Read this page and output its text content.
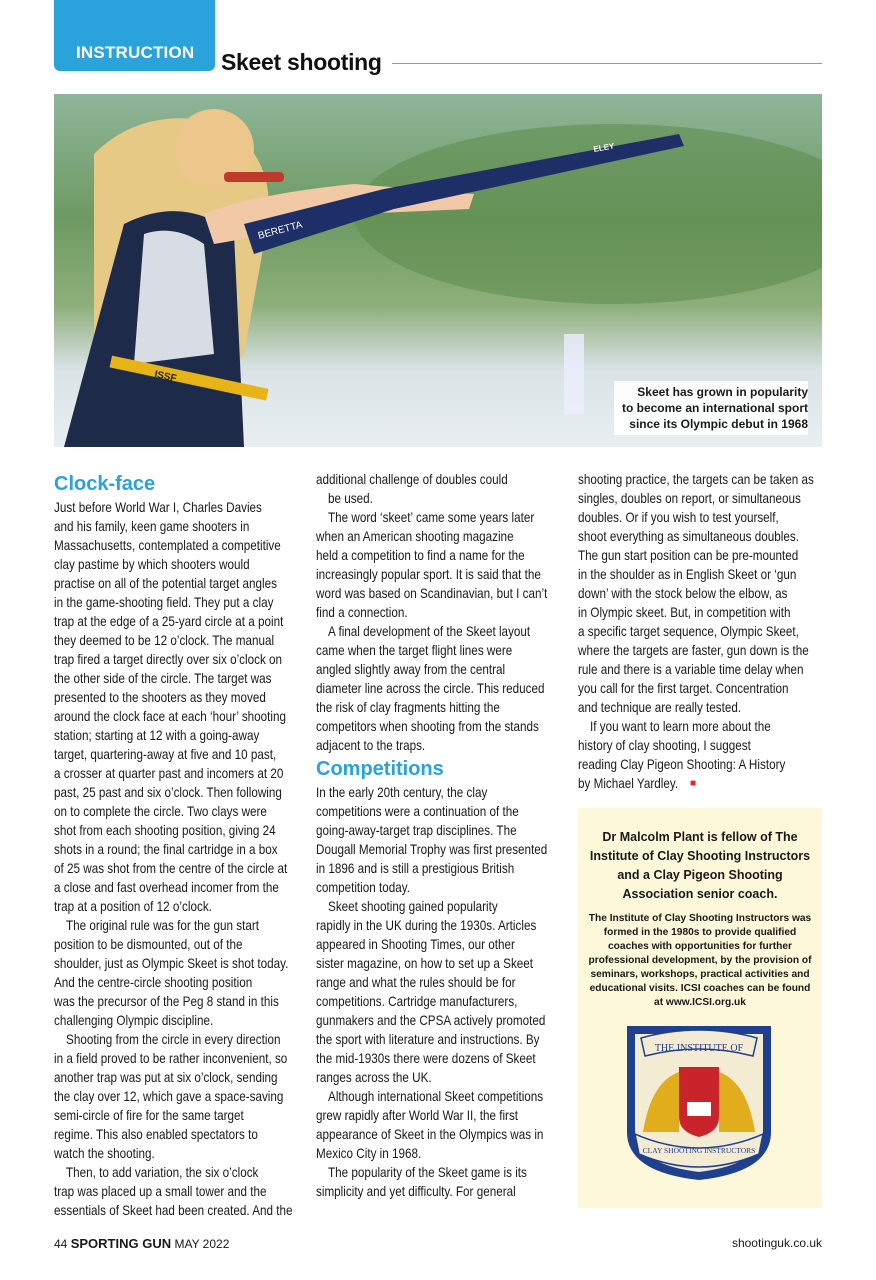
INSTRUCTION Skeet shooting
ISSF
BERETTA
ELEY
Skeet has grown in popularity
to become an international sport
since its Olympic debut in 1968
Clock-face
Just before World War I, Charles Davies
and his family, keen game shooters in
Massachusetts, contemplated a competitive
clay pastime by which shooters would
practise on all of the potential target angles
in the game-shooting field. They put a clay
trap at the edge of a 25-yard circle at a point
they deemed to be 12 o’clock. The manual
trap fired a target directly over six o’clock on
the other side of the circle. The target was
presented to the shooters as they moved
around the clock face at each ‘hour’ shooting
station; starting at 12 with a going-away
target, quartering-away at five and 10 past,
a crosser at quarter past and incomers at 20
past, 25 past and six o’clock. Then following
on to complete the circle. Two clays were
shot from each shooting position, giving 24
shots in a round; the final cartridge in a box
of 25 was shot from the centre of the circle at
a close and fast overhead incomer from the
trap at a position of 12 o’clock.
The original rule was for the gun start
position to be dismounted, out of the
shoulder, just as Olympic Skeet is shot today.
And the centre-circle shooting position
was the precursor of the Peg 8 stand in this
challenging Olympic discipline.
Shooting from the circle in every direction
in a field proved to be rather inconvenient, so
another trap was put at six o’clock, sending
the clay over 12, which gave a space-saving
semi-circle of fire for the same target
regime. This also enabled spectators to
watch the shooting.
Then, to add variation, the six o’clock
trap was placed up a small tower and the
essentials of Skeet had been created. And the
additional challenge of doubles could
be used.
The word ‘skeet’ came some years later
when an American shooting magazine
held a competition to find a name for the
increasingly popular sport. It is said that the
word was based on Scandinavian, but I can’t
find a connection.
A final development of the Skeet layout
came when the target flight lines were
angled slightly away from the central
diameter line across the circle. This reduced
the risk of clay fragments hitting the
competitors when shooting from the stands
adjacent to the traps.
Competitions
In the early 20th century, the clay
competitions were a continuation of the
going-away-target trap disciplines. The
Dougall Memorial Trophy was first presented
in 1896 and is still a prestigious British
competition today.
Skeet shooting gained popularity
rapidly in the UK during the 1930s. Articles
appeared in Shooting Times, our other
sister magazine, on how to set up a Skeet
range and what the rules should be for
competitions. Cartridge manufacturers,
gunmakers and the CPSA actively promoted
the sport with literature and instructions. By
the mid-1930s there were dozens of Skeet
ranges across the UK.
Although international Skeet competitions
grew rapidly after World War II, the first
appearance of Skeet in the Olympics was in
Mexico City in 1968.
The popularity of the Skeet game is its
simplicity and yet difficulty. For general
shooting practice, the targets can be taken as
singles, doubles on report, or simultaneous
doubles. Or if you wish to test yourself,
shoot everything as simultaneous doubles.
The gun start position can be pre-mounted
in the shoulder as in English Skeet or ‘gun
down’ with the stock below the elbow, as
in Olympic skeet. But, in competition with
a specific target sequence, Olympic Skeet,
where the targets are faster, gun down is the
rule and there is a variable time delay when
you call for the first target. Concentration
and technique are really tested.
If you want to learn more about the
history of clay shooting, I suggest
reading Clay Pigeon Shooting: A History
by Michael Yardley.	■
Dr Malcolm Plant is fellow of The Institute of Clay Shooting Instructors and a Clay Pigeon Shooting Association senior coach.
The Institute of Clay Shooting Instructors was formed in the 1980s to provide qualified coaches with opportunities for further professional development, by the provision of seminars, workshops, practical activities and educational visits. ICSI coaches can be found at www.ICSI.org.uk
THE INSTITUTE OF
CLAY SHOOTING INSTRUCTORS
44 SPORTING GUN MAY 2022	shootinguk.co.uk
